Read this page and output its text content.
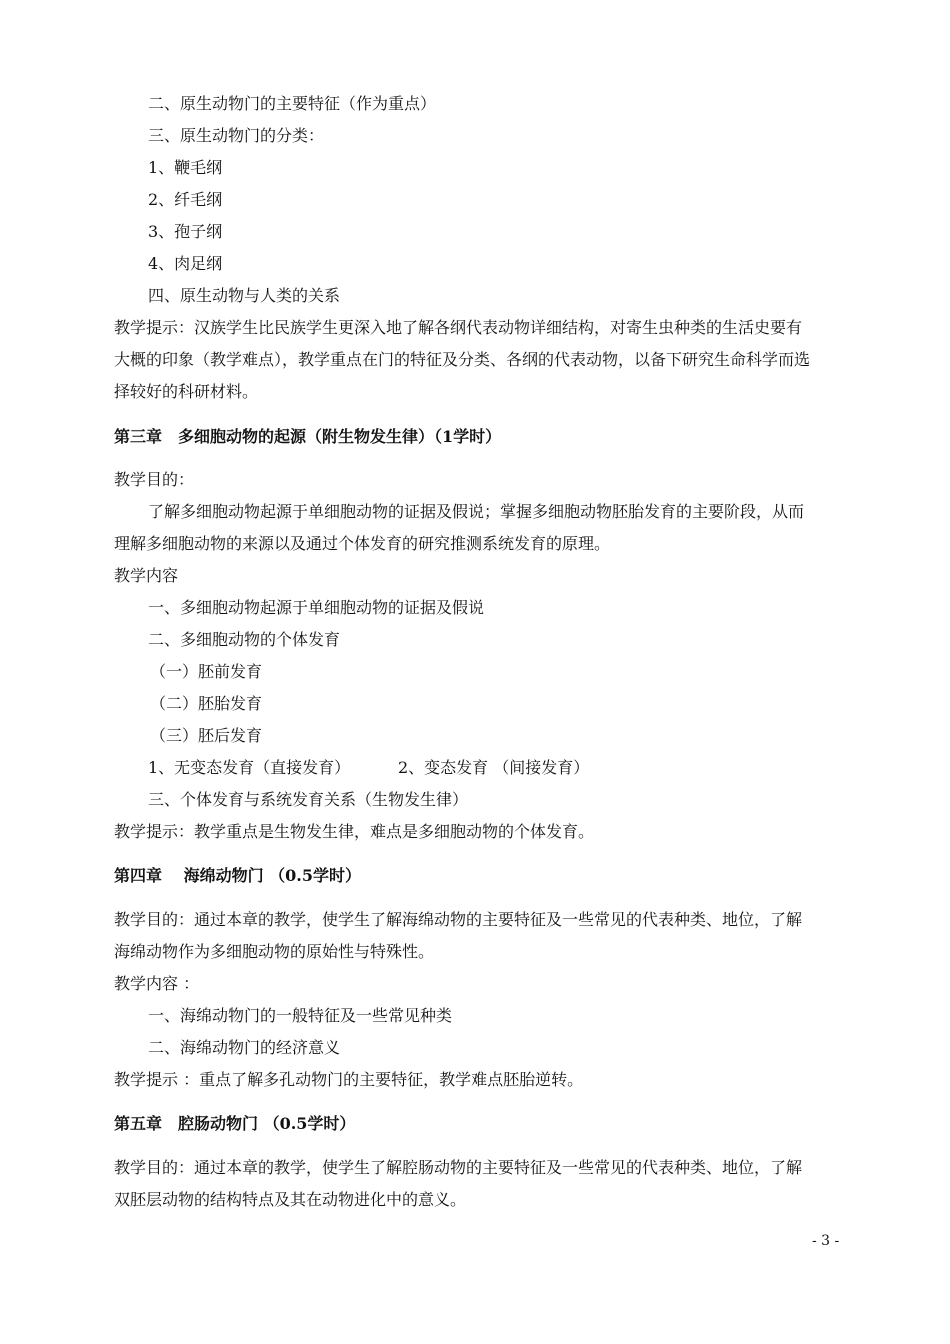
二、原生动物门的主要特征（作为重点）
三、原生动物门的分类：
1、鞭毛纲
2、纤毛纲
3、孢子纲
4、肉足纲
四、原生动物与人类的关系
教学提示：汉族学生比民族学生更深入地了解各纲代表动物详细结构，对寄生虫种类的生活史要有
大概的印象（教学难点），教学重点在门的特征及分类、各纲的代表动物，以备下研究生命科学而选
择较好的科研材料。
第三章　多细胞动物的起源（附生物发生律）（1学时）
教学目的：
了解多细胞动物起源于单细胞动物的证据及假说；掌握多细胞动物胚胎发育的主要阶段，从而
理解多细胞动物的来源以及通过个体发育的研究推测系统发育的原理。
教学内容
一、多细胞动物起源于单细胞动物的证据及假说
二、多细胞动物的个体发育
（一）胚前发育
（二）胚胎发育
（三）胚后发育
1、无变态发育（直接发育）	2、变态发育 （间接发育）
三、个体发育与系统发育关系（生物发生律）
教学提示：教学重点是生物发生律，难点是多细胞动物的个体发育。
第四章　 海绵动物门 （0.5学时）
教学目的：通过本章的教学，使学生了解海绵动物的主要特征及一些常见的代表种类、地位，了解
海绵动物作为多细胞动物的原始性与特殊性。
教学内容 ：
一、海绵动物门的一般特征及一些常见种类
二、海绵动物门的经济意义
教学提示 ：重点了解多孔动物门的主要特征，教学难点胚胎逆转。
第五章　腔肠动物门 （0.5学时）
教学目的：通过本章的教学，使学生了解腔肠动物的主要特征及一些常见的代表种类、地位，了解
双胚层动物的结构特点及其在动物进化中的意义。
- 3 -
